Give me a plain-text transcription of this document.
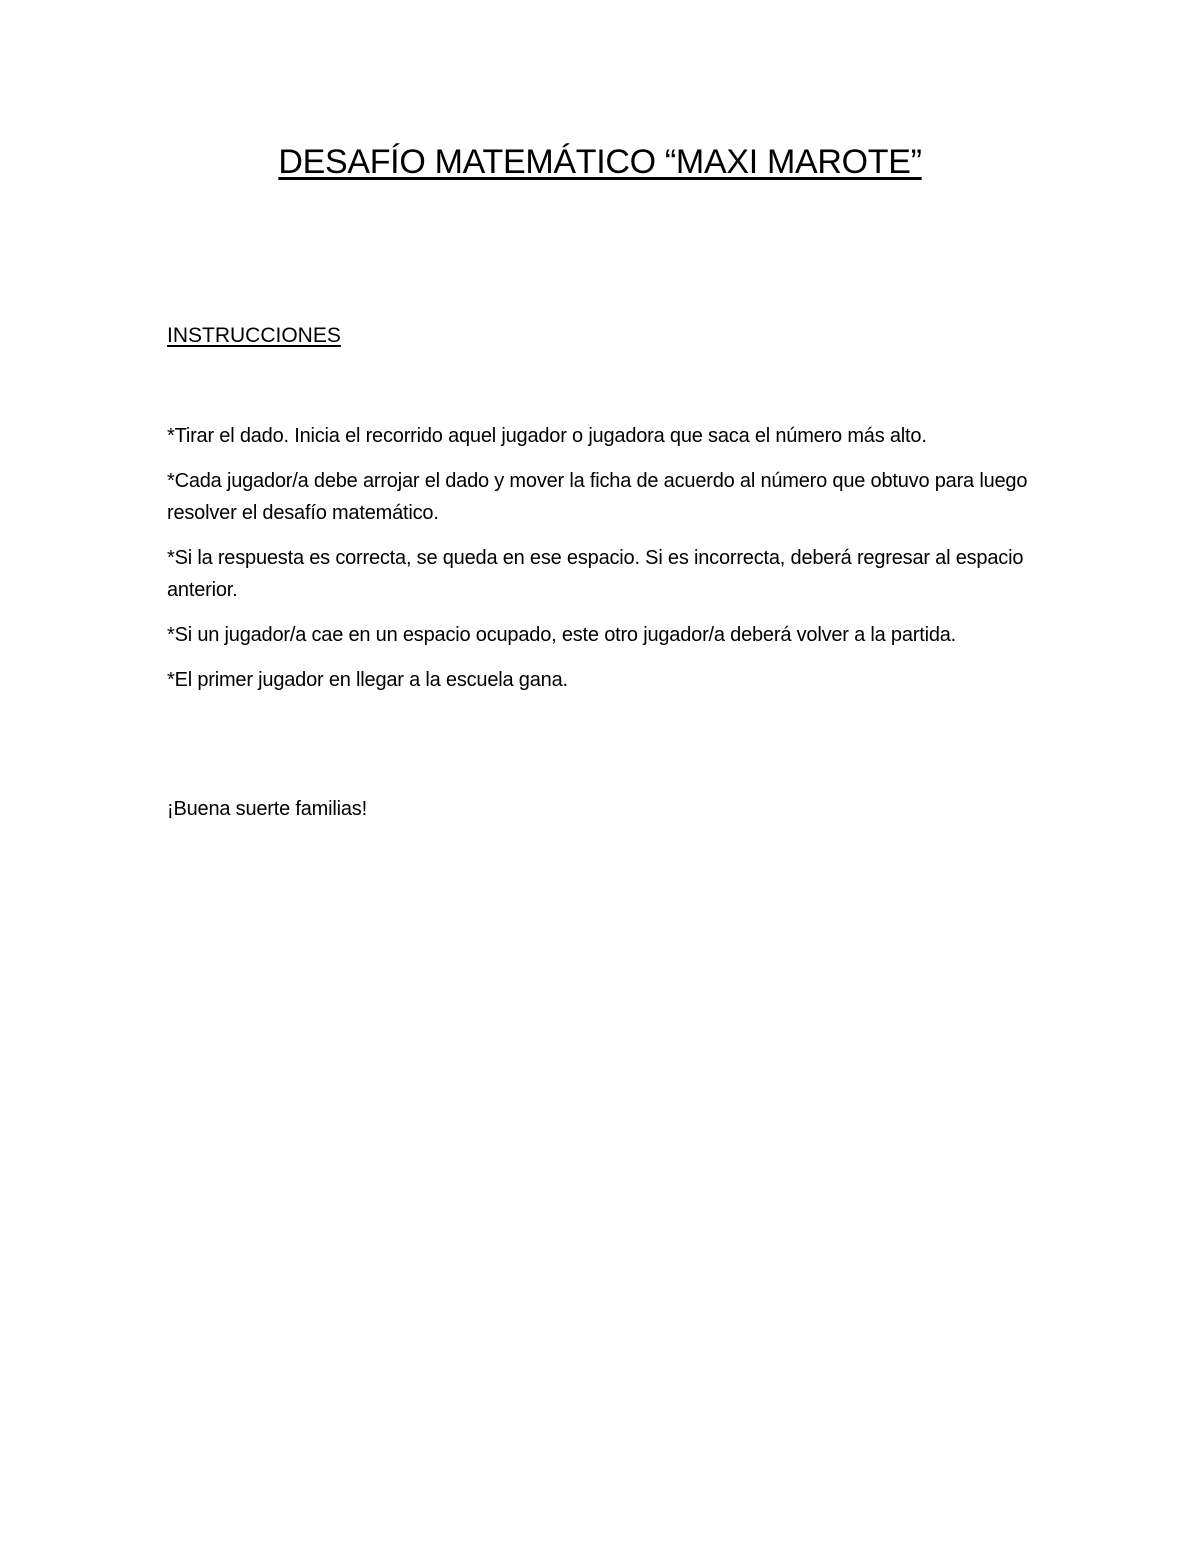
DESAFÍO MATEMÁTICO “MAXI MAROTE”
INSTRUCCIONES
*Tirar el dado. Inicia el recorrido aquel jugador o jugadora que saca el número más alto.
*Cada jugador/a debe arrojar el dado y mover la ficha de acuerdo al número que obtuvo para luego resolver el desafío matemático.
*Si la respuesta es correcta, se queda en ese espacio. Si es incorrecta, deberá regresar al espacio anterior.
*Si un jugador/a cae en un espacio ocupado, este otro jugador/a deberá volver a la partida.
*El primer jugador en llegar a la escuela gana.

¡Buena suerte familias!
